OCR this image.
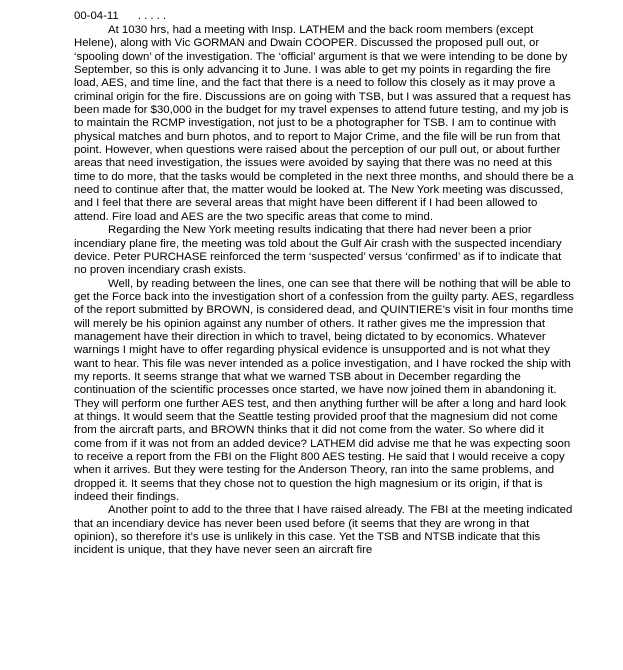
00-04-11      . . . . .

At 1030 hrs, had a meeting with Insp. LATHEM and the back room members (except Helene), along with Vic GORMAN and Dwain COOPER. Discussed the proposed pull out, or ‘spooling down’ of the investigation. The ‘official’ argument is that we were intending to be done by September, so this is only advancing it to June. I was able to get my points in regarding the fire load, AES, and time line, and the fact that there is a need to follow this closely as it may prove a criminal origin for the fire. Discussions are on going with TSB, but I was assured that a request has been made for $30,000 in the budget for my travel expenses to attend future testing, and my job is to maintain the RCMP investigation, not just to be a photographer for TSB. I am to continue with physical matches and burn photos, and to report to Major Crime, and the file will be run from that point. However, when questions were raised about the perception of our pull out, or about further areas that need investigation, the issues were avoided by saying that there was no need at this time to do more, that the tasks would be completed in the next three months, and should there be a need to continue after that, the matter would be looked at. The New York meeting was discussed, and I feel that there are several areas that might have been different if I had been allowed to attend. Fire load and AES are the two specific areas that come to mind.

Regarding the New York meeting results indicating that there had never been a prior incendiary plane fire, the meeting was told about the Gulf Air crash with the suspected incendiary device. Peter PURCHASE reinforced the term ‘suspected’ versus ‘confirmed’ as if to indicate that no proven incendiary crash exists.

Well, by reading between the lines, one can see that there will be nothing that will be able to get the Force back into the investigation short of a confession from the guilty party. AES, regardless of the report submitted by BROWN, is considered dead, and QUINTIERE’s visit in four months time will merely be his opinion against any number of others. It rather gives me the impression that management have their direction in which to travel, being dictated to by economics. Whatever warnings I might have to offer regarding physical evidence is unsupported and is not what they want to hear. This file was never intended as a police investigation, and I have rocked the ship with my reports. It seems strange that what we warned TSB about in December regarding the continuation of the scientific processes once started, we have now joined them in abandoning it. They will perform one further AES test, and then anything further will be after a long and hard look at things. It would seem that the Seattle testing provided proof that the magnesium did not come from the aircraft parts, and BROWN thinks that it did not come from the water. So where did it come from if it was not from an added device? LATHEM did advise me that he was expecting soon to receive a report from the FBI on the Flight 800 AES testing. He said that I would receive a copy when it arrives. But they were testing for the Anderson Theory, ran into the same problems, and dropped it. It seems that they chose not to question the high magnesium or its origin, if that is indeed their findings.

Another point to add to the three that I have raised already. The FBI at the meeting indicated that an incendiary device has never been used before (it seems that they are wrong in that opinion), so therefore it’s use is unlikely in this case. Yet the TSB and NTSB indicate that this incident is unique, that they have never seen an aircraft fire
